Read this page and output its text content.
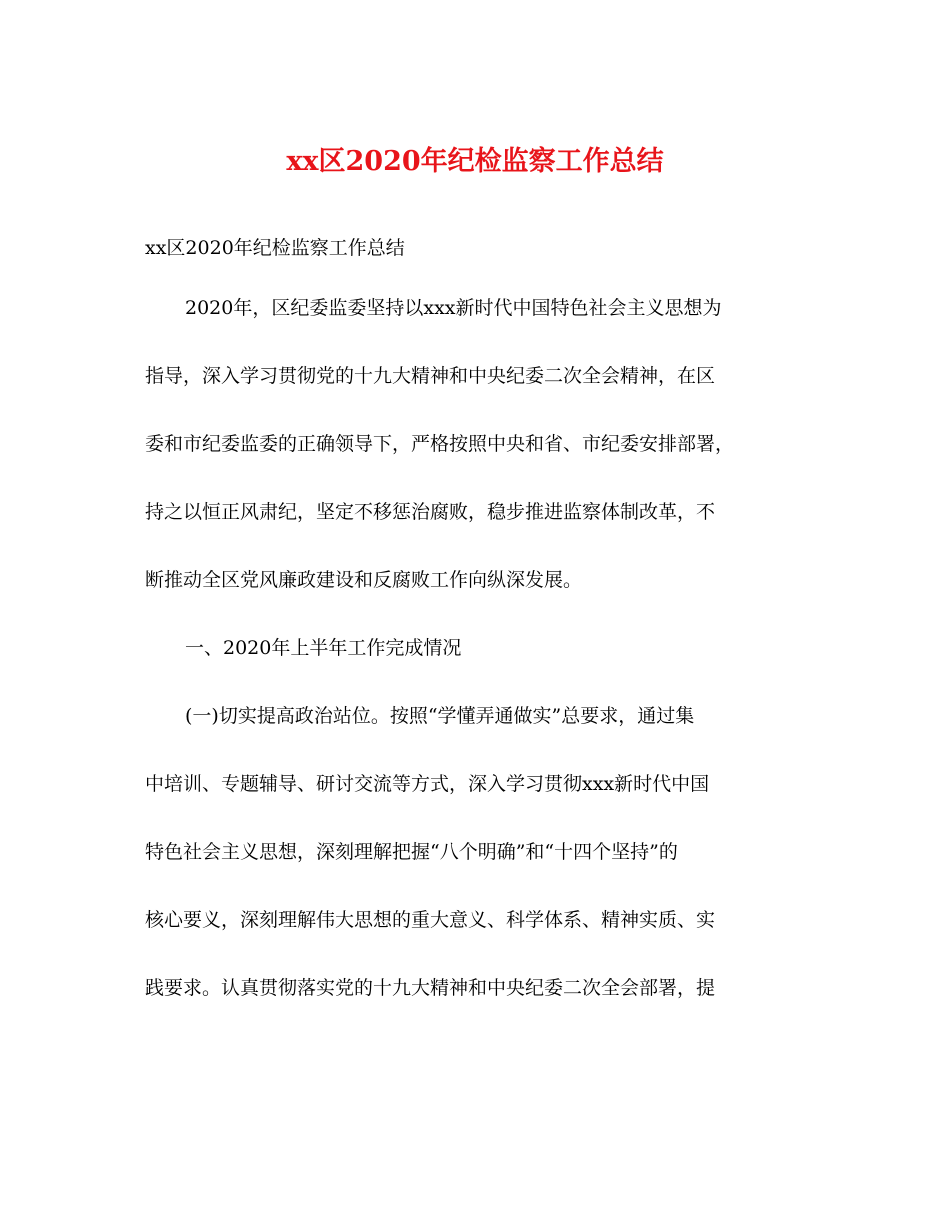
xx区2020年纪检监察工作总结
xx区2020年纪检监察工作总结
2020年，区纪委监委坚持以xxx新时代中国特色社会主义思想为
指导，深入学习贯彻党的十九大精神和中央纪委二次全会精神，在区
委和市纪委监委的正确领导下，严格按照中央和省、市纪委安排部署，
持之以恒正风肃纪，坚定不移惩治腐败，稳步推进监察体制改革，不
断推动全区党风廉政建设和反腐败工作向纵深发展。
一、2020年上半年工作完成情况
(一)切实提高政治站位。按照“学懂弄通做实”总要求，通过集
中培训、专题辅导、研讨交流等方式，深入学习贯彻xxx新时代中国
特色社会主义思想，深刻理解把握“八个明确”和“十四个坚持”的
核心要义，深刻理解伟大思想的重大意义、科学体系、精神实质、实
践要求。认真贯彻落实党的十九大精神和中央纪委二次全会部署，提
